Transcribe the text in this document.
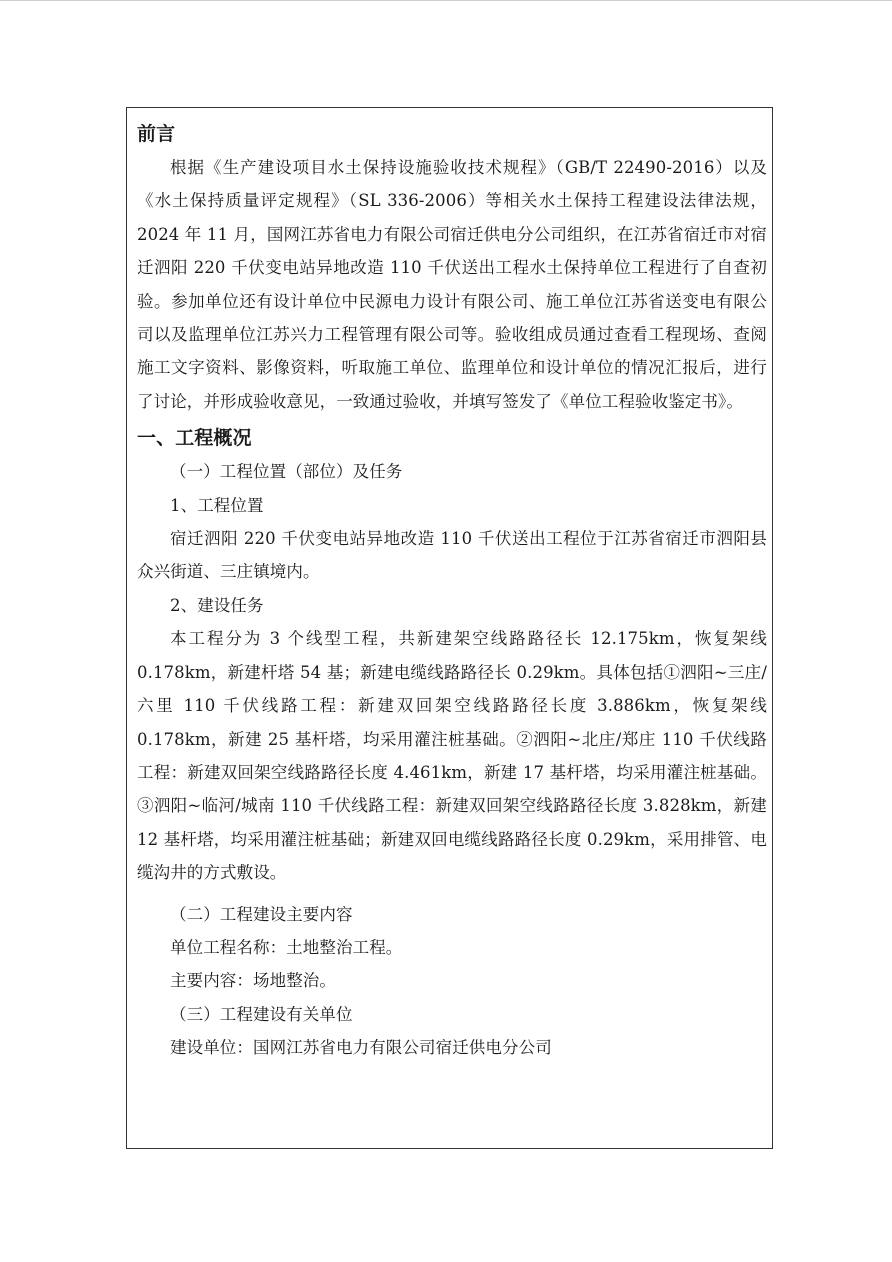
前言

根据《生产建设项目水土保持设施验收技术规程》（GB/T 22490-2016）以及《水土保持质量评定规程》（SL 336-2006）等相关水土保持工程建设法律法规，2024 年 11 月，国网江苏省电力有限公司宿迁供电分公司组织，在江苏省宿迁市对宿迁泗阳 220 千伏变电站异地改造 110 千伏送出工程水土保持单位工程进行了自查初验。参加单位还有设计单位中民源电力设计有限公司、施工单位江苏省送变电有限公司以及监理单位江苏兴力工程管理有限公司等。验收组成员通过查看工程现场、查阅施工文字资料、影像资料，听取施工单位、监理单位和设计单位的情况汇报后，进行了讨论，并形成验收意见，一致通过验收，并填写签发了《单位工程验收鉴定书》。

一、工程概况

（一）工程位置（部位）及任务

1、工程位置

宿迁泗阳 220 千伏变电站异地改造 110 千伏送出工程位于江苏省宿迁市泗阳县众兴街道、三庄镇境内。

2、建设任务

本工程分为 3 个线型工程，共新建架空线路路径长 12.175km，恢复架线 0.178km，新建杆塔 54 基；新建电缆线路路径长 0.29km。具体包括①泗阳~三庄/六里 110 千伏线路工程：新建双回架空线路路径长度 3.886km，恢复架线 0.178km，新建 25 基杆塔，均采用灌注桩基础。②泗阳~北庄/郑庄 110 千伏线路工程：新建双回架空线路路径长度 4.461km，新建 17 基杆塔，均采用灌注桩基础。③泗阳~临河/城南 110 千伏线路工程：新建双回架空线路路径长度 3.828km，新建 12 基杆塔，均采用灌注桩基础；新建双回电缆线路路径长度 0.29km，采用排管、电缆沟井的方式敷设。

（二）工程建设主要内容

单位工程名称：土地整治工程。

主要内容：场地整治。

（三）工程建设有关单位

建设单位：国网江苏省电力有限公司宿迁供电分公司
